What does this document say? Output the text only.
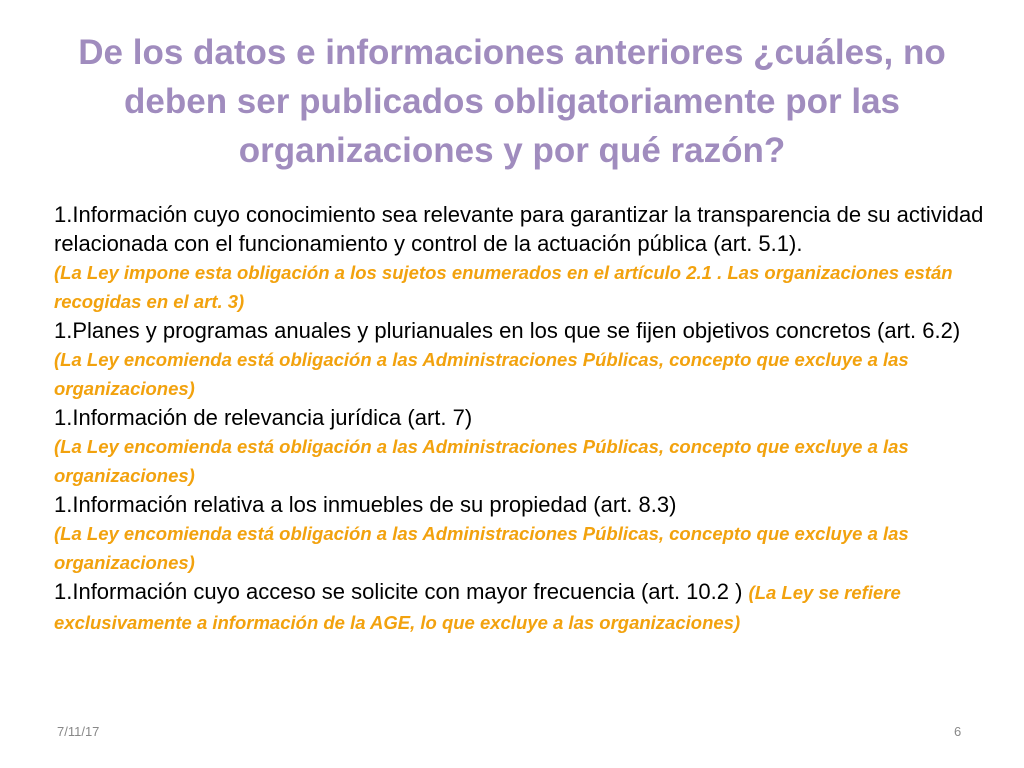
De los datos e informaciones anteriores ¿cuáles, no deben ser publicados obligatoriamente por las organizaciones y por qué razón?
1.Información cuyo conocimiento sea relevante para garantizar la transparencia de su actividad relacionada con el funcionamiento y control de la actuación pública (art. 5.1).
(La Ley impone esta obligación a los sujetos enumerados en el artículo 2.1 . Las organizaciones están recogidas en el art. 3)
1.Planes y programas anuales y plurianuales en los que se fijen objetivos concretos (art. 6.2)
(La Ley encomienda está obligación a las Administraciones Públicas, concepto que excluye a las organizaciones)
1.Información de relevancia jurídica (art. 7)
(La Ley encomienda está obligación a las Administraciones Públicas, concepto que excluye a las organizaciones)
1.Información relativa a los inmuebles de su propiedad (art. 8.3)
(La Ley encomienda está obligación a las Administraciones Públicas, concepto que excluye a las organizaciones)
1.Información cuyo acceso se solicite con mayor frecuencia (art. 10.2 ) (La Ley se refiere exclusivamente a información de la AGE, lo que excluye a las organizaciones)
7/11/17	6
